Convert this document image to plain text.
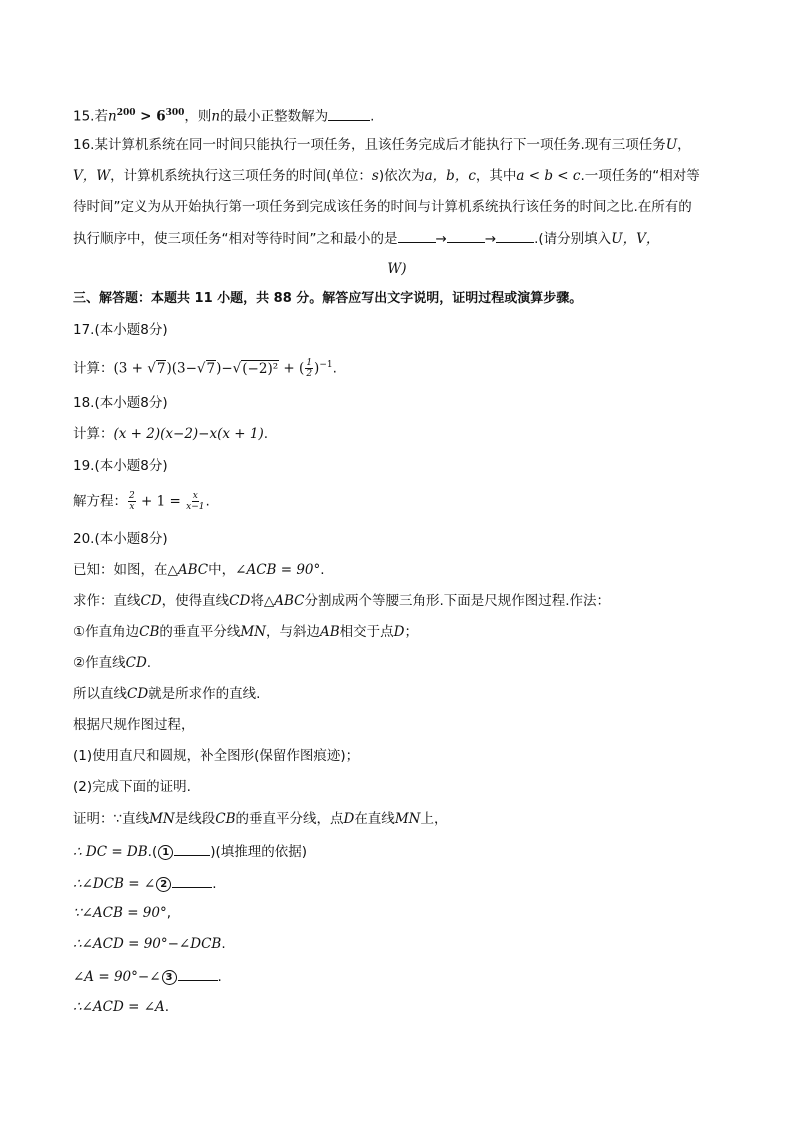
15.若$n^{200} > 6^{300}$，则n的最小正整数解为	.
16.某计算机系统在同一时间只能执行一项任务，且该任务完成后才能执行下一项任务.现有三项任务U，
V，W，计算机系统执行这三项任务的时间(单位：s)依次为a，b，c，其中a < b < c.一项任务的“相对等
待时间”定义为从开始执行第一项任务到完成该任务的时间与计算机系统执行该任务的时间之比.在所有的
执行顺序中，使三项任务“相对等待时间”之和最小的是	→	→	.(请分别填入U，V，
W)
三、解答题：本题共 11 小题，共 88 分。解答应写出文字说明，证明过程或演算步骤。
17.(本小题8分)
计算：(3 + √7)(3−√7)−√(−2)² + ( $\frac{1}{2} )^{-1}$.
18.(本小题8分)
计算：(x + 2)(x−2)−x(x + 1).
19.(本小题8分)
解方程： $\frac{2}{x} + 1 = \frac{x}{x-1}$ .
20.(本小题8分)
已知：如图，在△ABC中，∠ACB = 90°.
求作：直线CD，使得直线CD将△ABC分割成两个等腰三角形.下面是尺规作图过程.作法：
①作直角边CB的垂直平分线MN，与斜边AB相交于点D；
②作直线CD.
所以直线CD就是所求作的直线.
根据尺规作图过程，
(1)使用直尺和圆规，补全图形(保留作图痕迹)；
(2)完成下面的证明.
证明：∵直线MN是线段CB的垂直平分线，点D在直线MN上，
∴ DC = DB.( 1	)(填推理的依据)
∴∠DCB = ∠ 2	.
∵∠ACB = 90°,
∴∠ACD = 90°−∠DCB.
∠A = 90°−∠ 3	.
∴∠ACD = ∠A.
